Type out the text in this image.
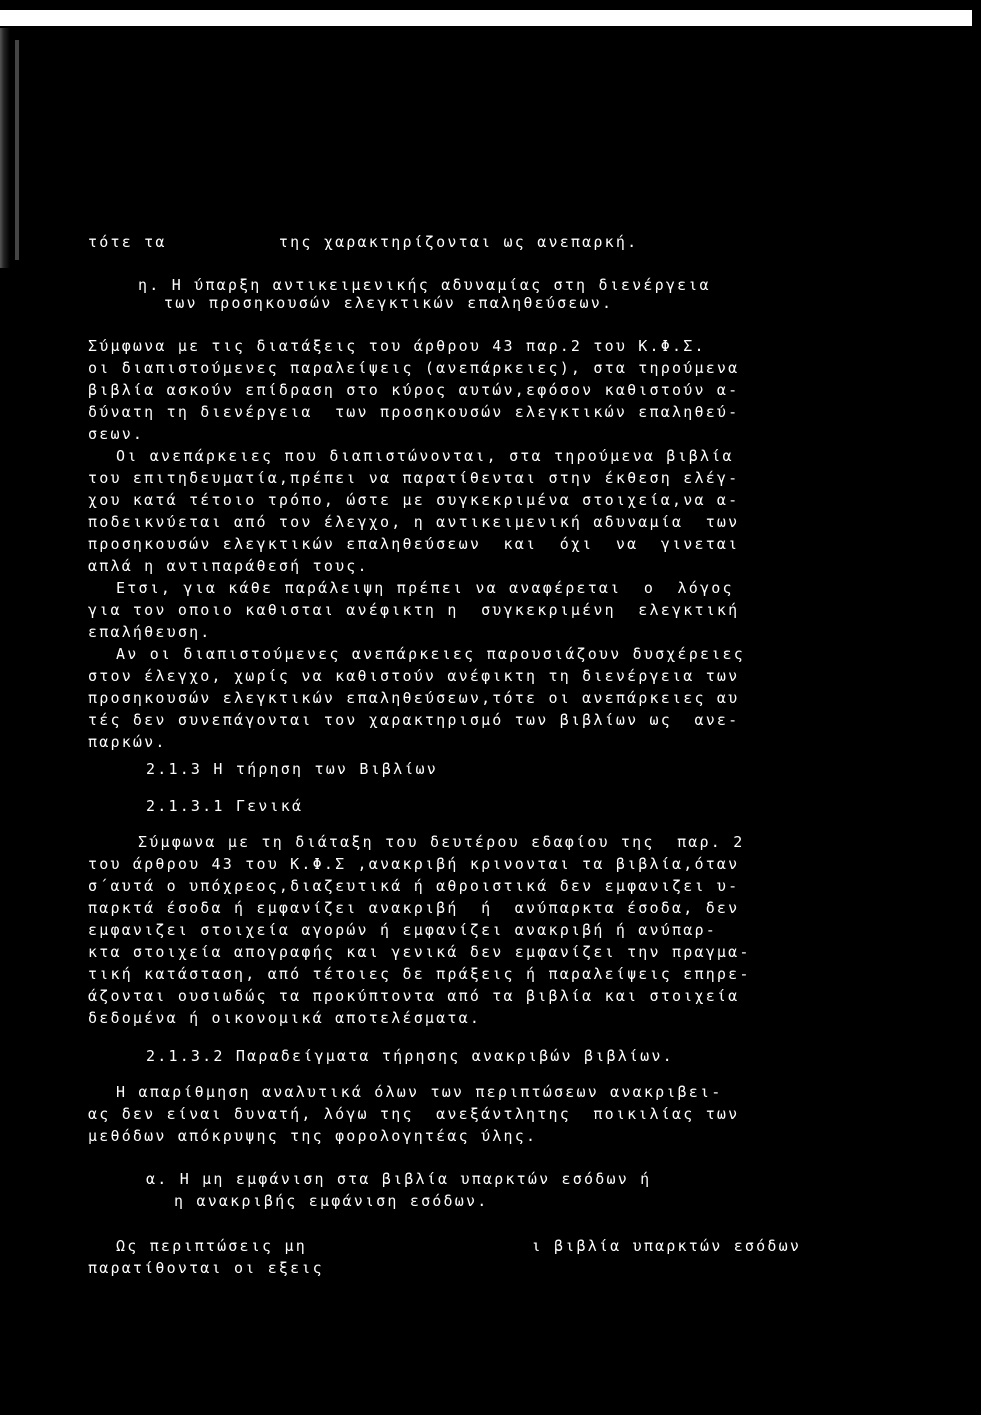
τότε τα          της χαρακτηρίζονται ως ανεπαρκή.
η. Η ύπαρξη αντικειμενικής αδυναμίας στη διενέργεια
των προσηκουσών ελεγκτικών επαληθεύσεων.
Σύμφωνα με τις διατάξεις του άρθρου 43 παρ.2 του Κ.Φ.Σ.
οι διαπιστούμενες παραλείψεις (ανεπάρκειες), στα τηρούμενα
βιβλία ασκούν επίδραση στο κύρος αυτών,εφόσον καθιστούν α-
δύνατη τη διενέργεια  των προσηκουσών ελεγκτικών επαληθεύ-
σεων.
Οι ανεπάρκειες που διαπιστώνονται, στα τηρούμενα βιβλία
του επιτηδευματία,πρέπει να παρατίθενται στην έκθεση ελέγ-
χου κατά τέτοιο τρόπο, ώστε με συγκεκριμένα στοιχεία,να α-
ποδεικνύεται από τον έλεγχο, η αντικειμενική αδυναμία  των
προσηκουσών ελεγκτικών επαληθεύσεων  και  όχι  να  γινεται
απλά η αντιπαράθεσή τους.
Ετσι, για κάθε παράλειψη πρέπει να αναφέρεται  ο  λόγος
για τον οποιο καθισται ανέφικτη η  συγκεκριμένη  ελεγκτική
επαλήθευση.
Αν οι διαπιστούμενες ανεπάρκειες παρουσιάζουν δυσχέρειες
στον έλεγχο, χωρίς να καθιστούν ανέφικτη τη διενέργεια των
προσηκουσών ελεγκτικών επαληθεύσεων,τότε οι ανεπάρκειες αυ
τές δεν συνεπάγονται τον χαρακτηρισμό των βιβλίων ως  ανε-
παρκών.
2.1.3 Η τήρηση των Βιβλίων
2.1.3.1 Γενικά
Σύμφωνα με τη διάταξη του δευτέρου εδαφίου της  παρ. 2
του άρθρου 43 του Κ.Φ.Σ ,ανακριβή κρινονται τα βιβλία,όταν
σ΄αυτά ο υπόχρεος,διαζευτικά ή αθροιστικά δεν εμφανιζει υ-
παρκτά έσοδα ή εμφανίζει ανακριβή  ή  ανύπαρκτα έσοδα, δεν
εμφανιζει στοιχεία αγορών ή εμφανίζει ανακριβή ή ανύπαρ-
κτα στοιχεία απογραφής και γενικά δεν εμφανίζει την πραγμα-
τική κατάσταση, από τέτοιες δε πράξεις ή παραλείψεις επηρε-
άζονται ουσιωδώς τα προκύπτοντα από τα βιβλία και στοιχεία
δεδομένα ή οικονομικά αποτελέσματα.
2.1.3.2 Παραδείγματα τήρησης ανακριβών βιβλίων.
Η απαρίθμηση αναλυτικά όλων των περιπτώσεων ανακριβει-
ας δεν είναι δυνατή, λόγω της  ανεξάντλητης  ποικιλίας των
μεθόδων απόκρυψης της φορολογητέας ύλης.
α. Η μη εμφάνιση στα βιβλία υπαρκτών εσόδων ή
η ανακριβής εμφάνιση εσόδων.
Ως περιπτώσεις μη                    ι βιβλία υπαρκτών εσόδων
παρατίθονται οι εξεις
